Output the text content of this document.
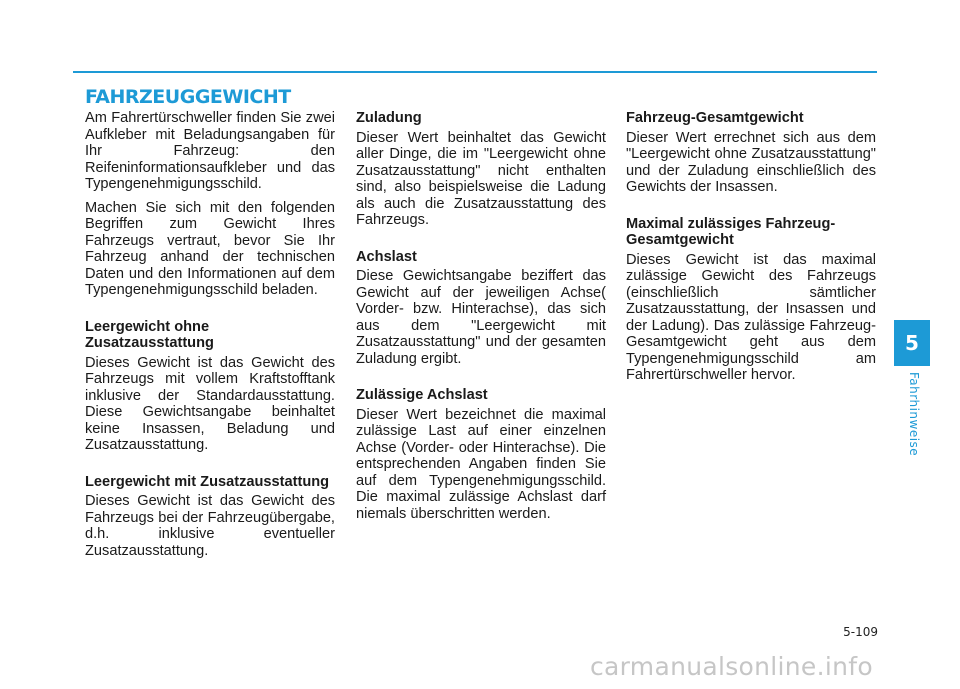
FAHRZEUGGEWICHT

Am Fahrertürschweller finden Sie zwei Aufkleber mit Beladungsangaben für Ihr Fahrzeug: den Reifeninformationsaufkleber und das Typengenehmigungsschild.

Machen Sie sich mit den folgenden Begriffen zum Gewicht Ihres Fahrzeugs vertraut, bevor Sie Ihr Fahrzeug anhand der technischen Daten und den Informationen auf dem Typengenehmigungsschild beladen.

Leergewicht ohne Zusatzausstattung

Dieses Gewicht ist das Gewicht des Fahrzeugs mit vollem Kraftstofftank inklusive der Standardausstattung. Diese Gewichtsangabe beinhaltet keine Insassen, Beladung und Zusatzausstattung.

Leergewicht mit Zusatzausstattung

Dieses Gewicht ist das Gewicht des Fahrzeugs bei der Fahrzeugübergabe, d.h. inklusive eventueller Zusatzausstattung.

Zuladung

Dieser Wert beinhaltet das Gewicht aller Dinge, die im "Leergewicht ohne Zusatzausstattung" nicht enthalten sind, also beispielsweise die Ladung als auch die Zusatzausstattung des Fahrzeugs.

Achslast

Diese Gewichtsangabe beziffert das Gewicht auf der jeweiligen Achse( Vorder- bzw. Hinterachse), das sich aus dem "Leergewicht mit Zusatzausstattung" und der gesamten Zuladung ergibt.

Zulässige Achslast

Dieser Wert bezeichnet die maximal zulässige Last auf einer einzelnen Achse (Vorder- oder Hinterachse). Die entsprechenden Angaben finden Sie auf dem Typengenehmigungsschild. Die maximal zulässige Achslast darf niemals überschritten werden.

Fahrzeug-Gesamtgewicht

Dieser Wert errechnet sich aus dem "Leergewicht ohne Zusatzausstattung" und der Zuladung einschließlich des Gewichts der Insassen.

Maximal zulässiges Fahrzeug-Gesamtgewicht

Dieses Gewicht ist das maximal zulässige Gewicht des Fahrzeugs (einschließlich sämtlicher Zusatzausstattung, der Insassen und der Ladung). Das zulässige Fahrzeug-Gesamtgewicht geht aus dem Typengenehmigungsschild am Fahrertürschweller hervor.

5
Fahrhinweise
5-109
carmanualsonline.info
